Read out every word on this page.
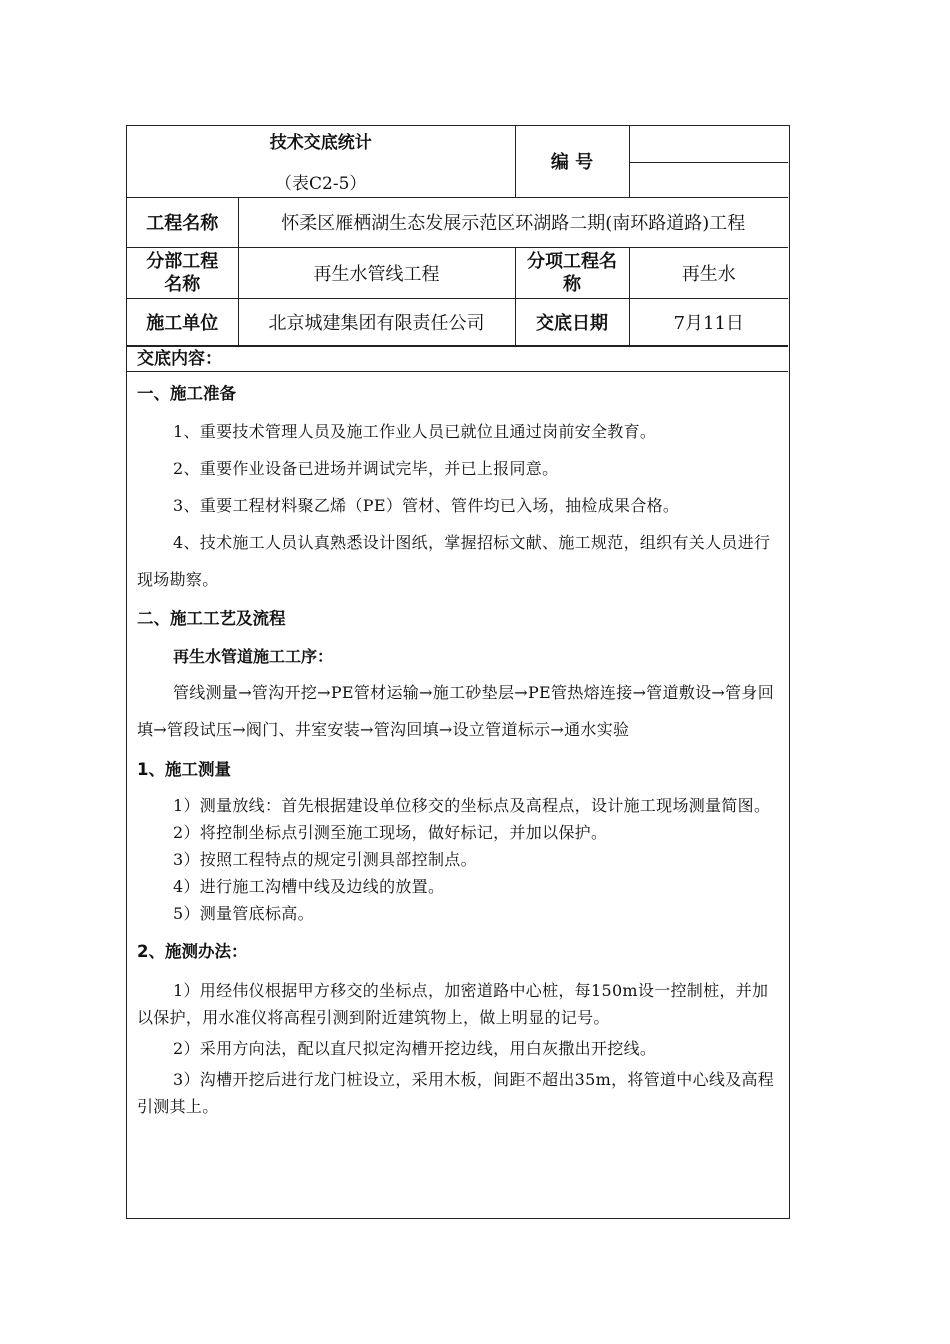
技术交底统计
（表C2-5）		编 号	

工程名称	怀柔区雁栖湖生态发展示范区环湖路二期(南环路道路)工程		

分部工程名称	再生水管线工程	分项工程名称	再生水
施工单位	北京城建集团有限责任公司	交底日期	7月11日
交底内容：

一、施工准备

1、重要技术管理人员及施工作业人员已就位且通过岗前安全教育。

2、重要作业设备已进场并调试完毕，并已上报同意。

3、重要工程材料聚乙烯（PE）管材、管件均已入场，抽检成果合格。

4、技术施工人员认真熟悉设计图纸，掌握招标文献、施工规范，组织有关人员进行现场勘察。

二、施工工艺及流程

再生水管道施工工序：

管线测量→管沟开挖→PE管材运输→施工砂垫层→PE管热熔连接→管道敷设→管身回填→管段试压→阀门、井室安装→管沟回填→设立管道标示→通水实验

1、施工测量

1）测量放线：首先根据建设单位移交的坐标点及高程点，设计施工现场测量简图。

2）将控制坐标点引测至施工现场，做好标记，并加以保护。

3）按照工程特点的规定引测具部控制点。

4）进行施工沟槽中线及边线的放置。

5）测量管底标高。

2、施测办法：

1）用经伟仪根据甲方移交的坐标点，加密道路中心桩，每150m设一控制桩，并加以保护，用水准仪将高程引测到附近建筑物上，做上明显的记号。

2）采用方向法，配以直尺拟定沟槽开挖边线，用白灰撒出开挖线。

3）沟槽开挖后进行龙门桩设立，采用木板，间距不超出35m，将管道中心线及高程引测其上。
